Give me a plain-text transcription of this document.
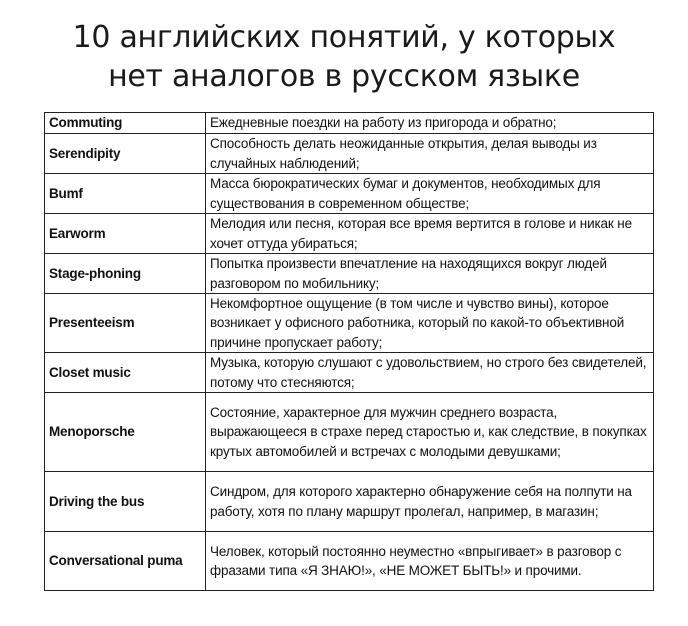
10 английских понятий, у которых
нет аналогов в русском языке
Commuting	Ежедневные поездки на работу из пригорода и обратно;
Serendipity	Способность делать неожиданные открытия, делая выводы из случайных наблюдений;
Bumf	Масса бюрократических бумаг и документов, необходимых для существования в современном обществе;
Earworm	Мелодия или песня, которая все время вертится в голове и никак не хочет оттуда убираться;
Stage-phoning	Попытка произвести впечатление на находящихся вокруг людей разговором по мобильнику;
Presenteeism	Некомфортное ощущение (в том числе и чувство вины), которое возникает у офисного работника, который по какой-то объективной причине пропускает работу;
Closet music	Музыка, которую слушают с удовольствием, но строго без свидетелей, потому что стесняются;
Menoporsche	Состояние, характерное для мужчин среднего возраста, выражающееся в страхе перед старостью и, как следствие, в покупках крутых автомобилей и встречах с молодыми девушками;
Driving the bus	Синдром, для которого характерно обнаружение себя на полпути на работу, хотя по плану маршрут пролегал, например, в магазин;
Conversational puma	Человек, который постоянно неуместно «впрыгивает» в разговор с фразами типа «Я ЗНАЮ!», «НЕ МОЖЕТ БЫТЬ!» и прочими.
